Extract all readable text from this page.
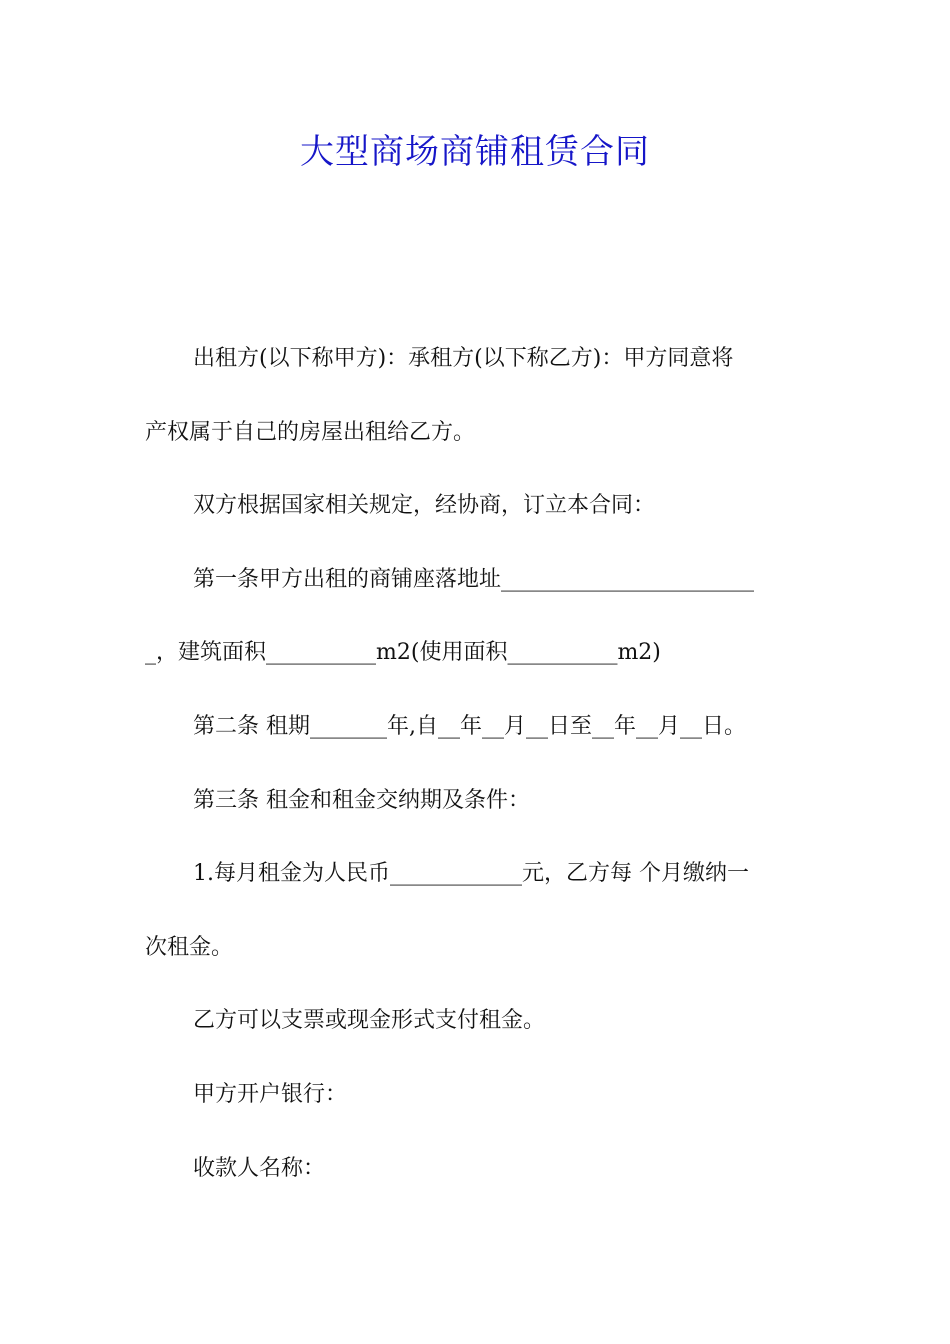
大型商场商铺租赁合同
出租方(以下称甲方)：承租方(以下称乙方)：甲方同意将
产权属于自己的房屋出租给乙方。
双方根据国家相关规定，经协商，订立本合同：
第一条甲方出租的商铺座落地址_______________________
_，建筑面积__________m2(使用面积__________m2)
第二条 租期_______年,自__年__月__日至__年__月__日。
第三条 租金和租金交纳期及条件：
1.每月租金为人民币____________元，乙方每 个月缴纳一
次租金。
乙方可以支票或现金形式支付租金。
甲方开户银行：
收款人名称：
